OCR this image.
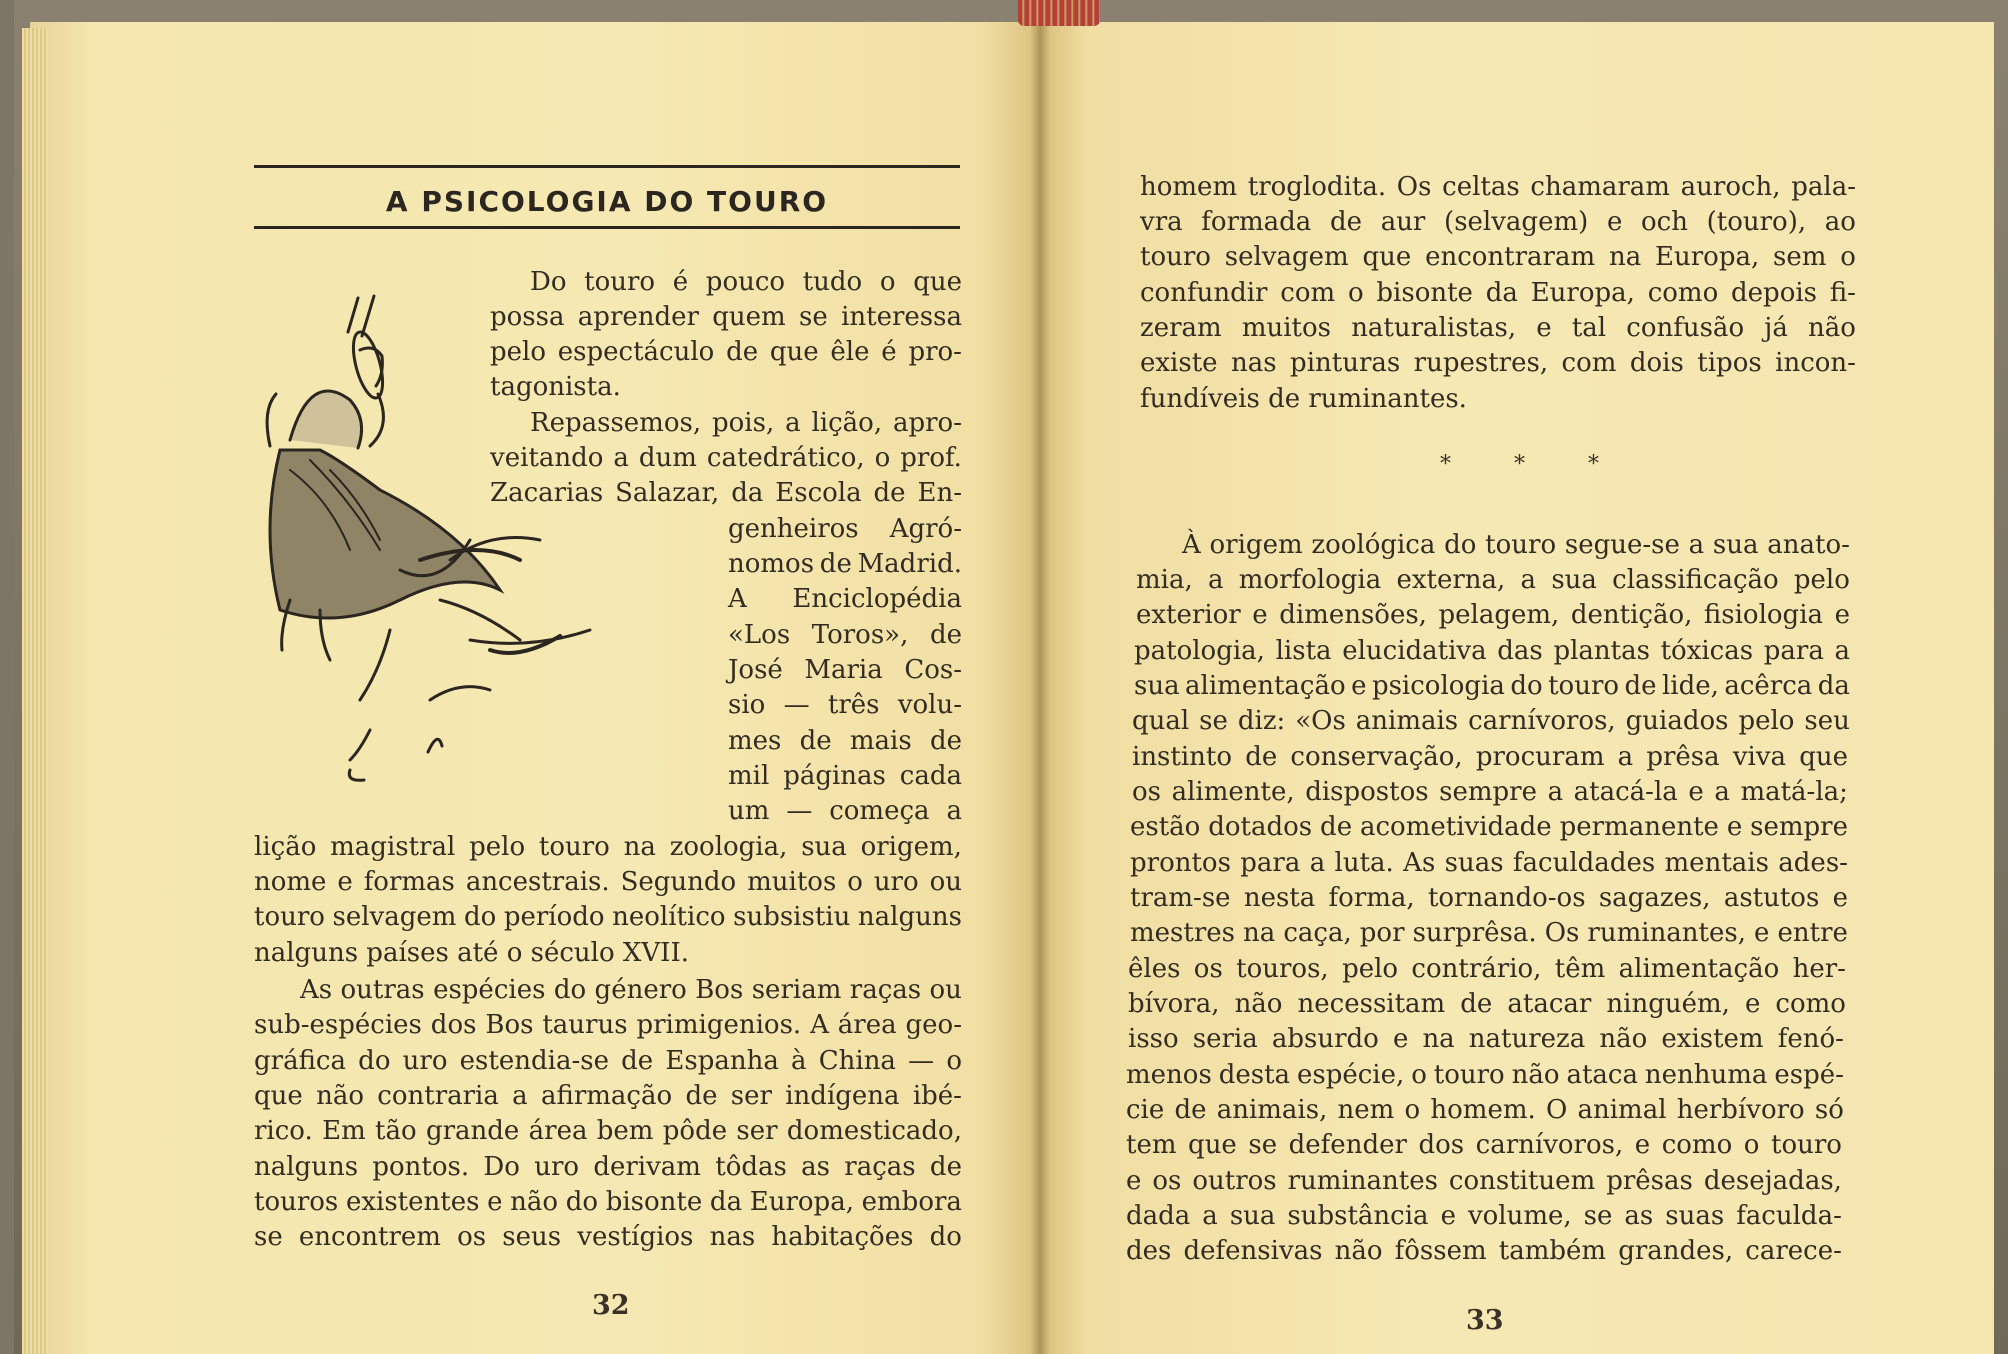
A PSICOLOGIA DO TOURO
Do touro é pouco tudo o que
possa aprender quem se interessa
pelo espectáculo de que êle é pro-
tagonista.
Repassemos, pois, a lição, apro-
veitando a dum catedrático, o prof.
Zacarias Salazar, da Escola de En-
genheiros Agró-
nomos de Madrid.
A Enciclopédia
«Los Toros», de
José Maria Cos-
sio — três volu-
mes de mais de
mil páginas cada
um — começa a
lição magistral pelo touro na zoologia, sua origem,
nome e formas ancestrais. Segundo muitos o uro ou
touro selvagem do período neolítico subsistiu nalguns
nalguns países até o século XVII.
As outras espécies do género Bos seriam raças ou
sub-espécies dos Bos taurus primigenios. A área geo-
gráfica do uro estendia-se de Espanha à China — o
que não contraria a afirmação de ser indígena ibé-
rico. Em tão grande área bem pôde ser domesticado,
nalguns pontos. Do uro derivam tôdas as raças de
touros existentes e não do bisonte da Europa, embora
se encontrem os seus vestígios nas habitações do
32
homem troglodita. Os celtas chamaram auroch, pala-
vra formada de aur (selvagem) e och (touro), ao
touro selvagem que encontraram na Europa, sem o
confundir com o bisonte da Europa, como depois fi-
zeram muitos naturalistas, e tal confusão já não
existe nas pinturas rupestres, com dois tipos incon-
fundíveis de ruminantes.
* * *
À origem zoológica do touro segue-se a sua anato-
mia, a morfologia externa, a sua classificação pelo
exterior e dimensões, pelagem, dentição, fisiologia e
patologia, lista elucidativa das plantas tóxicas para a
sua alimentação e psicologia do touro de lide, acêrca da
qual se diz: «Os animais carnívoros, guiados pelo seu
instinto de conservação, procuram a prêsa viva que
os alimente, dispostos sempre a atacá-la e a matá-la;
estão dotados de acometividade permanente e sempre
prontos para a luta. As suas faculdades mentais ades-
tram-se nesta forma, tornando-os sagazes, astutos e
mestres na caça, por surprêsa. Os ruminantes, e entre
êles os touros, pelo contrário, têm alimentação her-
bívora, não necessitam de atacar ninguém, e como
isso seria absurdo e na natureza não existem fenó-
menos desta espécie, o touro não ataca nenhuma espé-
cie de animais, nem o homem. O animal herbívoro só
tem que se defender dos carnívoros, e como o touro
e os outros ruminantes constituem prêsas desejadas,
dada a sua substância e volume, se as suas faculda-
des defensivas não fôssem também grandes, carece-
33
